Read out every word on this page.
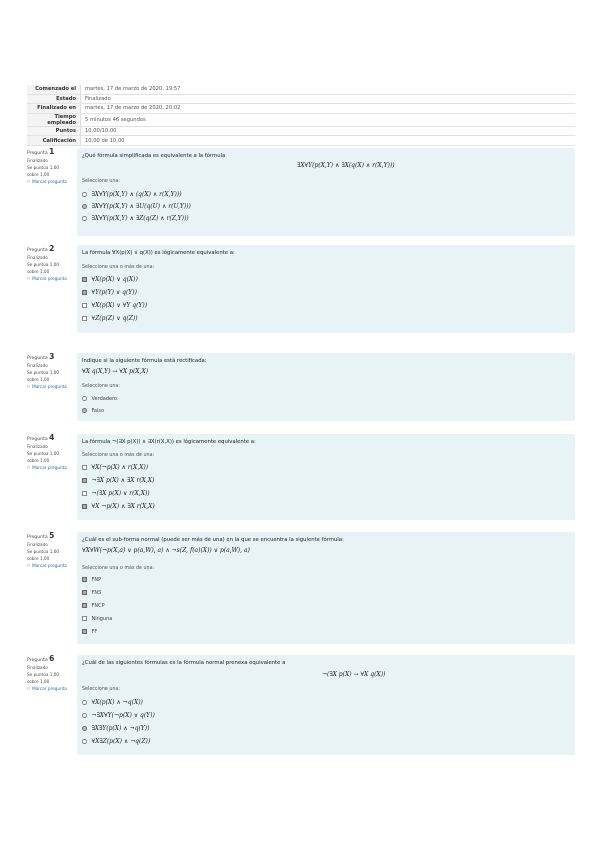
Comenzado el	martes, 17 de marzo de 2020, 19:57
Estado	Finalizado
Finalizado en	martes, 17 de marzo de 2020, 20:02
Tiempo empleado	5 minutos 46 segundos
Puntos	10,00/10,00
Calificación	10,00 de 10,00
Pregunta 1
Finalizado
Se puntúa 1,00 sobre 1,00
⚐ Marcar pregunta
¿Qué fórmula simplificada es equivalente a la fórmula
∃X∀Y(p(X,Y) ∧ ∃X(q(X) ∧ r(X,Y)))
Seleccione una:
∃X∀Y(p(X,Y) ∧ (q(X) ∧ r(X,Y)))
∃X∀Y(p(X,Y) ∧ ∃U(q(U) ∧ r(U,Y)))
∃X∀Y(p(X,Y) ∧ ∃Z(q(Z) ∧ r(Z,Y)))
Pregunta 2
Finalizado
Se puntúa 1,00 sobre 1,00
⚐ Marcar pregunta
La fórmula ∀X(p(X) ∨ q(X)) es lógicamente equivalente a:
Seleccione una o más de una:
∀X(p(X) ∨ q(X))
∀Y(p(Y) ∨ q(Y))
∀X(p(X) ∨ ∀Y q(Y))
∀Z(p(Z) ∨ q(Z))
Pregunta 3
Finalizado
Se puntúa 1,00 sobre 1,00
⚐ Marcar pregunta
Indique si la siguiente fórmula está rectificada:
∀X q(X,Y) → ∀X p(X,X)
Seleccione una:
Verdadero
Falso
Pregunta 4
Finalizado
Se puntúa 1,00 sobre 1,00
⚐ Marcar pregunta
La fórmula ¬(∃X p(X)) ∧ ∃X(r(X,X)) es lógicamente equivalente a:
Seleccione una o más de una:
∀X(¬p(X) ∧ r(X,X))
¬∃X p(X) ∧ ∃X r(X,X)
¬(∃X p(X) ∨ r(X,X))
∀X ¬p(X) ∧ ∃X r(X,X)
Pregunta 5
Finalizado
Se puntúa 1,00 sobre 1,00
⚐ Marcar pregunta
¿Cuál es el sub-forma normal (puede ser más de una) en la que se encuentra la siguiente fórmula:
∀X∀W(¬p(X,a) ∨ p(a,W), a) ∧ ¬s(Z, f(a)(X)) ∨ p(a,W), a)
Seleccione una o más de una:
FNP
FNS
FNCP
Ninguna
FF
Pregunta 6
Finalizado
Se puntúa 1,00 sobre 1,00
⚐ Marcar pregunta
¿Cuál de las siguientes fórmulas es la fórmula normal prenexa equivalente a
¬(∃X p(X) → ∀X q(X))
Seleccione una:
∀X(p(X) ∧ ¬q(X))
¬∃X∀Y(¬p(X) ∨ q(Y))
∃X∃Y(p(X) ∧ ¬q(Y))
∀X∃Z(p(X) ∧ ¬q(Z))
